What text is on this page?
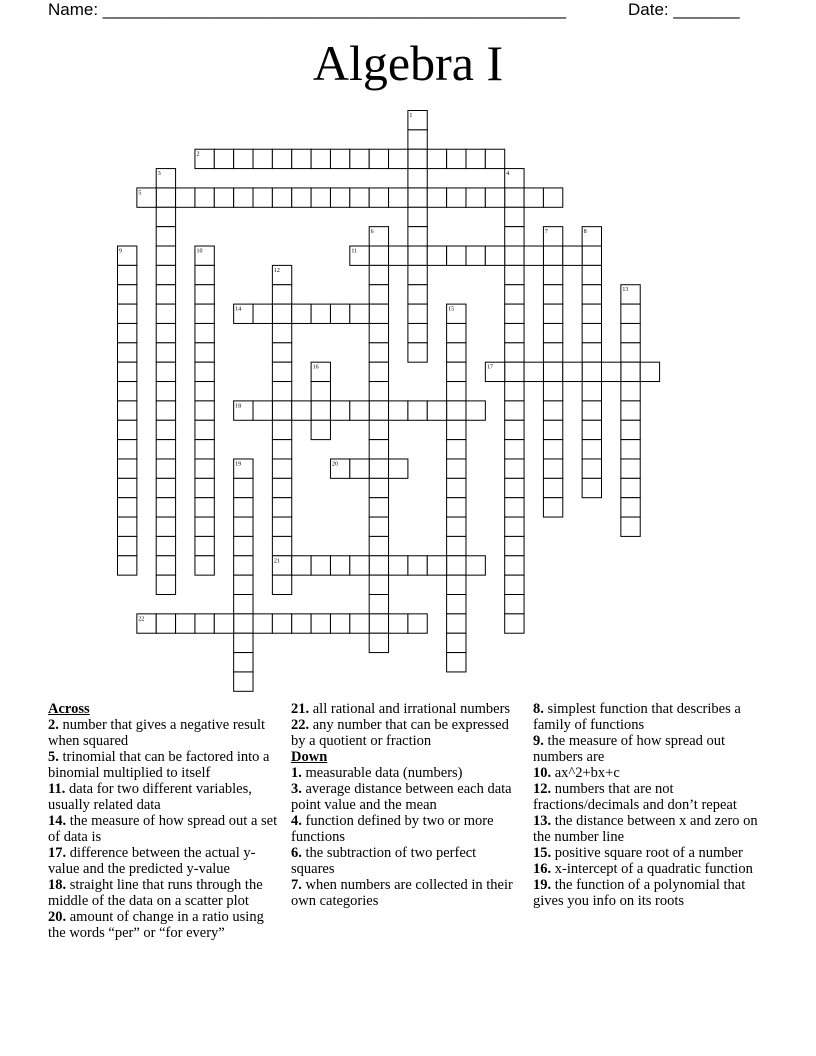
Name: _________________________________________________	Date: _______
Algebra I
1
2
3	4
5
6	7	8
9	10	11
12
13
14	15
16	17
18
19	20
21
22
Across
2. number that gives a negative result when squared
5. trinomial that can be factored into a binomial multiplied to itself
11. data for two different variables, usually related data
14. the measure of how spread out a set of data is
17. difference between the actual y-value and the predicted y-value
18. straight line that runs through the middle of the data on a scatter plot
20. amount of change in a ratio using the words “per” or “for every”
21. all rational and irrational numbers
22. any number that can be expressed by a quotient or fraction
Down
1. measurable data (numbers)
3. average distance between each data point value and the mean
4. function defined by two or more functions
6. the subtraction of two perfect squares
7. when numbers are collected in their own categories
8. simplest function that describes a family of functions
9. the measure of how spread out numbers are
10. ax^2+bx+c
12. numbers that are not fractions/decimals and don’t repeat
13. the distance between x and zero on the number line
15. positive square root of a number
16. x-intercept of a quadratic function
19. the function of a polynomial that gives you info on its roots
